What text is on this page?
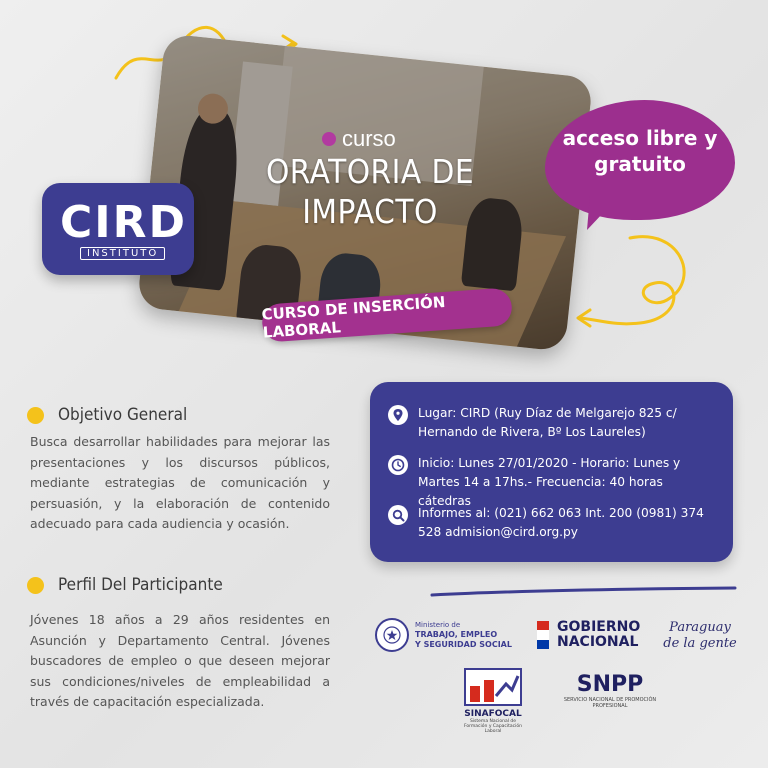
curso
ORATORIA DE IMPACTO
CURSO DE INSERCIÓN LABORAL
CIRD
INSTITUTO
acceso libre y gratuito
Objetivo General

Busca desarrollar habilidades para mejorar las presentaciones y los discursos públicos, mediante estrategias de comunicación y persuasión, y la elaboración de contenido adecuado para cada audiencia y ocasión.

Perfil Del Participante

Jóvenes 18 años a 29 años residentes en Asunción y Departamento Central. Jóvenes buscadores de empleo o que deseen mejorar sus condiciones/niveles de empleabilidad a través de capacitación especializada.

Lugar: CIRD (Ruy Díaz de Melgarejo 825 c/ Hernando de Rivera, Bº Los Laureles)
Inicio: Lunes 27/01/2020 - Horario: Lunes y Martes 14 a 17hs.- Frecuencia: 40 horas cátedras
Informes al: (021) 662 063 Int. 200 (0981) 374 528 admision@cird.org.py
Ministerio de
TRABAJO, EMPLEO
Y SEGURIDAD SOCIAL
GOBIERNO
NACIONAL
Paraguay
de la gente
SINAFOCAL
Sistema Nacional de Formación y Capacitación Laboral
SNPP
SERVICIO NACIONAL DE PROMOCIÓN PROFESIONAL
